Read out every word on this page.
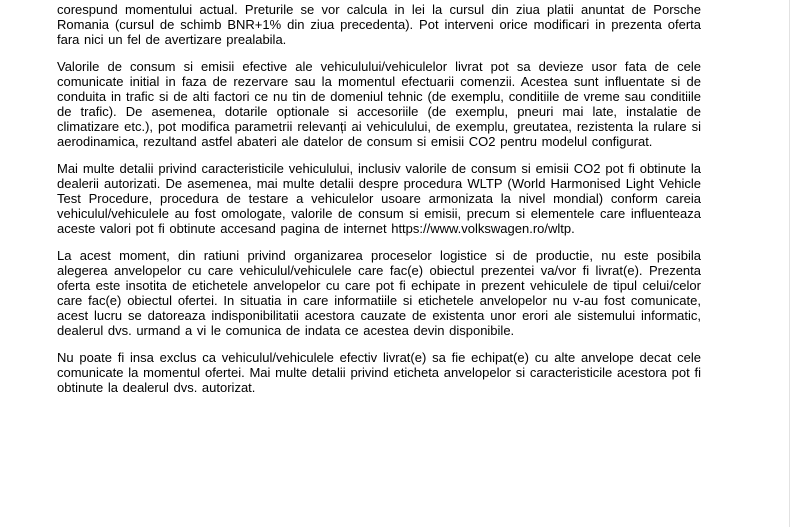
corespund momentului actual. Preturile se vor calcula in lei la cursul din ziua platii anuntat de Porsche Romania (cursul de schimb BNR+1% din ziua precedenta). Pot interveni orice modificari in prezenta oferta fara nici un fel de avertizare prealabila.

Valorile de consum si emisii efective ale vehiculului/vehiculelor livrat pot sa devieze usor fata de cele comunicate initial in faza de rezervare sau la momentul efectuarii comenzii. Acestea sunt influentate si de conduita in trafic si de alti factori ce nu tin de domeniul tehnic (de exemplu, conditiile de vreme sau conditiile de trafic). De asemenea, dotarile optionale si accesoriile (de exemplu, pneuri mai late, instalatie de climatizare etc.), pot modifica parametrii relevanți ai vehiculului, de exemplu, greutatea, rezistenta la rulare si aerodinamica, rezultand astfel abateri ale datelor de consum si emisii CO2 pentru modelul configurat.

Mai multe detalii privind caracteristicile vehiculului, inclusiv valorile de consum si emisii CO2 pot fi obtinute la dealerii autorizati. De asemenea, mai multe detalii despre procedura WLTP (World Harmonised Light Vehicle Test Procedure, procedura de testare a vehiculelor usoare armonizata la nivel mondial) conform careia vehiculul/vehiculele au fost omologate, valorile de consum si emisii, precum si elementele care influenteaza aceste valori pot fi obtinute accesand pagina de internet https://www.volkswagen.ro/wltp.

La acest moment, din ratiuni privind organizarea proceselor logistice si de productie, nu este posibila alegerea anvelopelor cu care vehiculul/vehiculele care fac(e) obiectul prezentei va/vor fi livrat(e). Prezenta oferta este insotita de etichetele anvelopelor cu care pot fi echipate in prezent vehiculele de tipul celui/celor care fac(e) obiectul ofertei. In situatia in care informatiile si etichetele anvelopelor nu v-au fost comunicate, acest lucru se datoreaza indisponibilitatii acestora cauzate de existenta unor erori ale sistemului informatic, dealerul dvs. urmand a vi le comunica de indata ce acestea devin disponibile.

Nu poate fi insa exclus ca vehiculul/vehiculele efectiv livrat(e) sa fie echipat(e) cu alte anvelope decat cele comunicate la momentul ofertei. Mai multe detalii privind eticheta anvelopelor si caracteristicile acestora pot fi obtinute la dealerul dvs. autorizat.
